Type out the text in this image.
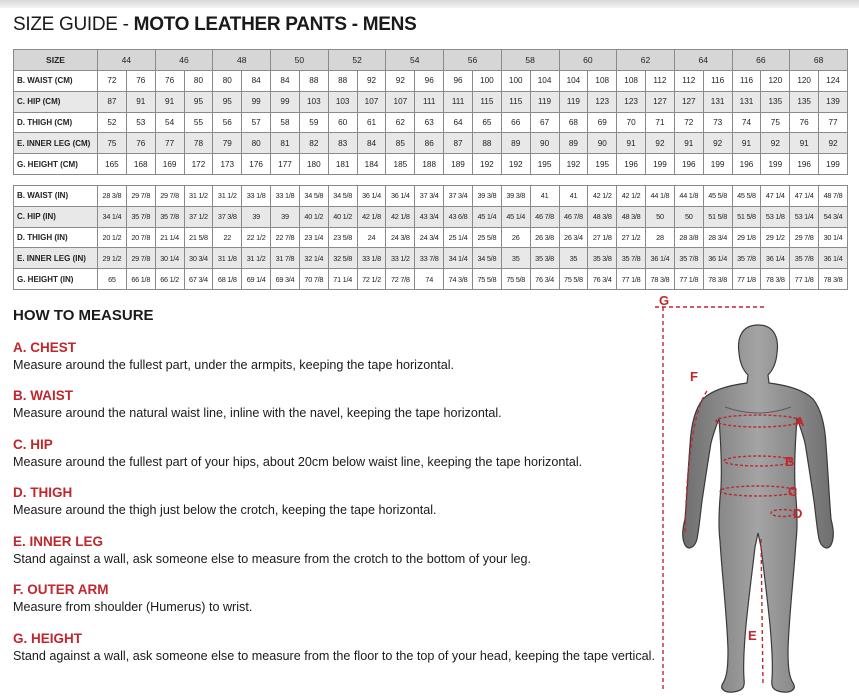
SIZE GUIDE - MOTO LEATHER PANTS - MENS
SIZE	44		46		48		50		52		54		56		58		60		62		64		66		68	
B. WAIST (CM)	72	76	76	80	80	84	84	88	88	92	92	96	96	100	100	104	104	108	108	112	112	116	116	120	120	124
C. HIP (CM)	87	91	91	95	95	99	99	103	103	107	107	111	111	115	115	119	119	123	123	127	127	131	131	135	135	139
D. THIGH (CM)	52	53	54	55	56	57	58	59	60	61	62	63	64	65	66	67	68	69	70	71	72	73	74	75	76	77
E. INNER LEG (CM)	75	76	77	78	79	80	81	82	83	84	85	86	87	88	89	90	89	90	91	92	91	92	91	92	91	92
G. HEIGHT (CM)	165	168	169	172	173	176	177	180	181	184	185	188	189	192	192	195	192	195	196	199	196	199	196	199	196	199
B. WAIST (IN)	28 3/8	29 7/8	29 7/8	31 1/2	31 1/2	33 1/8	33 1/8	34 5/8	34 5/8	36 1/4	36 1/4	37 3/4	37 3/4	39 3/8	39 3/8	41	41	42 1/2	42 1/2	44 1/8	44 1/8	45 5/8	45 5/8	47 1/4	47 1/4	48 7/8
C. HIP (IN)	34 1/4	35 7/8	35 7/8	37 1/2	37 3/8	39	39	40 1/2	40 1/2	42 1/8	42 1/8	43 3/4	43 6/8	45 1/4	45 1/4	46 7/8	46 7/8	48 3/8	48 3/8	50	50	51 5/8	51 5/8	53 1/8	53 1/4	54 3/4
D. THIGH (IN)	20 1/2	20 7/8	21 1/4	21 5/8	22	22 1/2	22 7/8	23 1/4	23 5/8	24	24 3/8	24 3/4	25 1/4	25 5/8	26	26 3/8	26 3/4	27 1/8	27 1/2	28	28 3/8	28 3/4	29 1/8	29 1/2	29 7/8	30 1/4
E. INNER LEG (IN)	29 1/2	29 7/8	30 1/4	30 3/4	31 1/8	31 1/2	31 7/8	32 1/4	32 5/8	33 1/8	33 1/2	33 7/8	34 1/4	34 5/8	35	35 3/8	35	35 3/8	35 7/8	36 1/4	35 7/8	36 1/4	35 7/8	36 1/4	35 7/8	36 1/4
G. HEIGHT (IN)	65	66 1/8	66 1/2	67 3/4	68 1/8	69 1/4	69 3/4	70 7/8	71 1/4	72 1/2	72 7/8	74	74 3/8	75 5/8	75 5/8	76 3/4	75 5/8	76 3/4	77 1/8	78 3/8	77 1/8	78 3/8	77 1/8	78 3/8	77 1/8	78 3/8
HOW TO MEASURE
A. CHEST
Measure around the fullest part, under the armpits, keeping the tape horizontal.
B. WAIST
Measure around the natural waist line, inline with the navel, keeping the tape horizontal.
C. HIP
Measure around the fullest part of your hips, about 20cm below waist line, keeping the tape horizontal.
D. THIGH
Measure around the thigh just below the crotch, keeping the tape horizontal.
E. INNER LEG
Stand against a wall, ask someone else to measure from the crotch to the bottom of your leg.
F. OUTER ARM
Measure from shoulder (Humerus) to wrist.
G. HEIGHT
Stand against a wall, ask someone else to measure from the floor to the top of your head, keeping the tape vertical.
A
B
C
D
E
F
G
